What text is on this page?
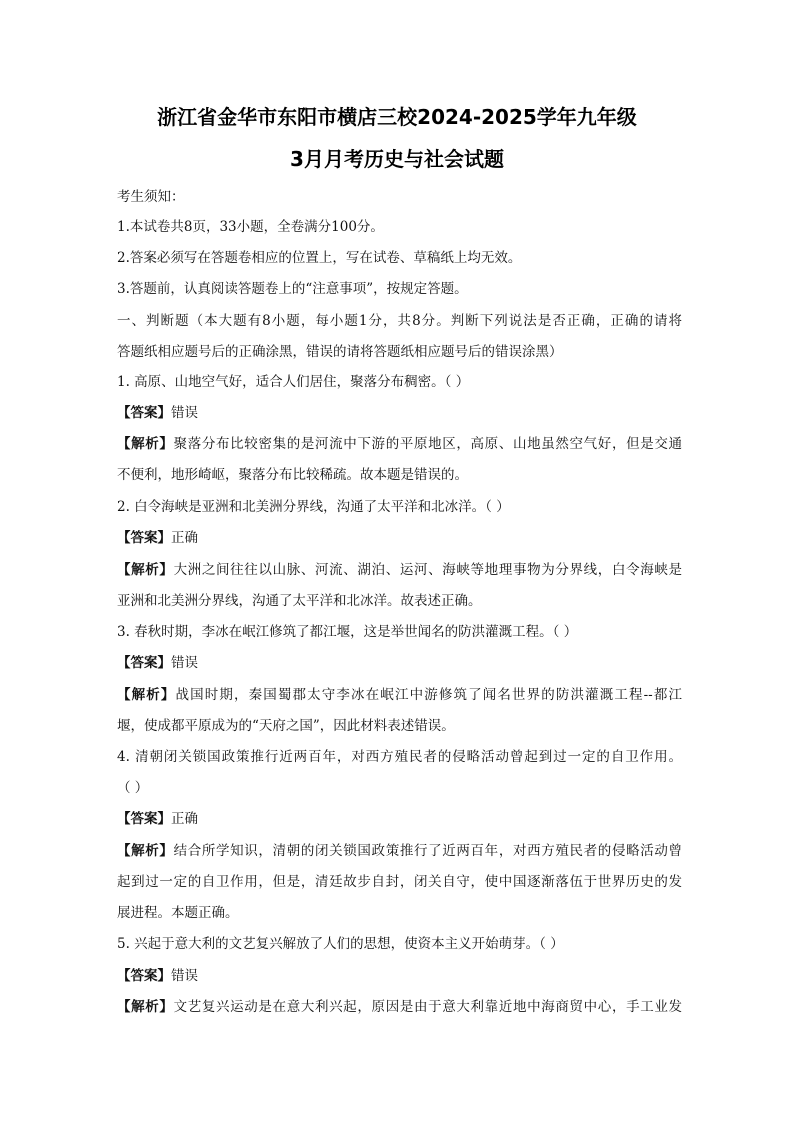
浙江省金华市东阳市横店三校2024-2025学年九年级
3月月考历史与社会试题
考生须知：
1.本试卷共8页，33小题，全卷满分100分。
2.答案必须写在答题卷相应的位置上，写在试卷、草稿纸上均无效。
3.答题前，认真阅读答题卷上的“注意事项”，按规定答题。
一、判断题（本大题有8小题，每小题1分，共8分。判断下列说法是否正确，正确的请将
答题纸相应题号后的正确涂黑，错误的请将答题纸相应题号后的错误涂黑）
1. 高原、山地空气好，适合人们居住，聚落分布稠密。（ ）
【答案】错误
【解析】聚落分布比较密集的是河流中下游的平原地区，高原、山地虽然空气好，但是交通
不便利，地形崎岖，聚落分布比较稀疏。故本题是错误的。
2. 白令海峡是亚洲和北美洲分界线，沟通了太平洋和北冰洋。（ ）
【答案】正确
【解析】大洲之间往往以山脉、河流、湖泊、运河、海峡等地理事物为分界线，白令海峡是
亚洲和北美洲分界线，沟通了太平洋和北冰洋。故表述正确。
3. 春秋时期，李冰在岷江修筑了都江堰，这是举世闻名的防洪灌溉工程。（ ）
【答案】错误
【解析】战国时期，秦国蜀郡太守李冰在岷江中游修筑了闻名世界的防洪灌溉工程--都江
堰，使成都平原成为的“天府之国”，因此材料表述错误。
4. 清朝闭关锁国政策推行近两百年，对西方殖民者的侵略活动曾起到过一定的自卫作用。
（ ）
【答案】正确
【解析】结合所学知识，清朝的闭关锁国政策推行了近两百年，对西方殖民者的侵略活动曾
起到过一定的自卫作用，但是，清廷故步自封，闭关自守，使中国逐渐落伍于世界历史的发
展进程。本题正确。
5. 兴起于意大利的文艺复兴解放了人们的思想，使资本主义开始萌芽。（ ）
【答案】错误
【解析】文艺复兴运动是在意大利兴起，原因是由于意大利靠近地中海商贸中心，手工业发
